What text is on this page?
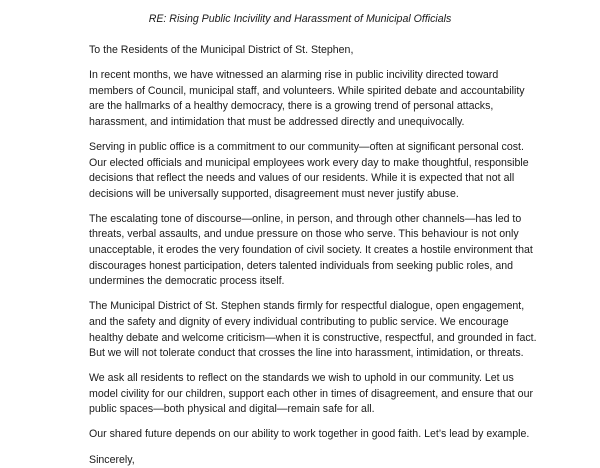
RE: Rising Public Incivility and Harassment of Municipal Officials

To the Residents of the Municipal District of St. Stephen,

In recent months, we have witnessed an alarming rise in public incivility directed toward
members of Council, municipal staff, and volunteers. While spirited debate and accountability
are the hallmarks of a healthy democracy, there is a growing trend of personal attacks,
harassment, and intimidation that must be addressed directly and unequivocally.

Serving in public office is a commitment to our community—often at significant personal cost.
Our elected officials and municipal employees work every day to make thoughtful, responsible
decisions that reflect the needs and values of our residents. While it is expected that not all
decisions will be universally supported, disagreement must never justify abuse.

The escalating tone of discourse—online, in person, and through other channels—has led to
threats, verbal assaults, and undue pressure on those who serve. This behaviour is not only
unacceptable, it erodes the very foundation of civil society. It creates a hostile environment that
discourages honest participation, deters talented individuals from seeking public roles, and
undermines the democratic process itself.

The Municipal District of St. Stephen stands firmly for respectful dialogue, open engagement,
and the safety and dignity of every individual contributing to public service. We encourage
healthy debate and welcome criticism—when it is constructive, respectful, and grounded in fact.
But we will not tolerate conduct that crosses the line into harassment, intimidation, or threats.

We ask all residents to reflect on the standards we wish to uphold in our community. Let us
model civility for our children, support each other in times of disagreement, and ensure that our
public spaces—both physical and digital—remain safe for all.

Our shared future depends on our ability to work together in good faith. Let’s lead by example.

Sincerely,
